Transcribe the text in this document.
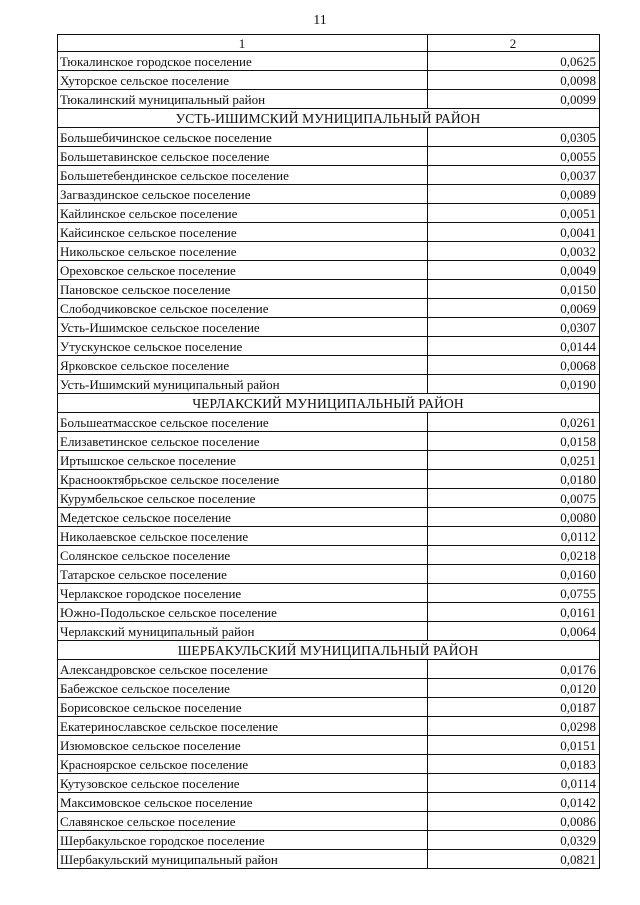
11
1	2
Тюкалинское городское поселение	0,0625
Хуторское сельское поселение	0,0098
Тюкалинский муниципальный район	0,0099
УСТЬ-ИШИМСКИЙ МУНИЦИПАЛЬНЫЙ РАЙОН	
Большебичинское сельское поселение	0,0305
Большетавинское сельское поселение	0,0055
Большетебендинское сельское поселение	0,0037
Загваздинское сельское поселение	0,0089
Кайлинское сельское поселение	0,0051
Кайсинское сельское поселение	0,0041
Никольское сельское поселение	0,0032
Ореховское сельское поселение	0,0049
Пановское сельское поселение	0,0150
Слободчиковское сельское поселение	0,0069
Усть-Ишимское сельское поселение	0,0307
Утускунское сельское поселение	0,0144
Ярковское сельское поселение	0,0068
Усть-Ишимский муниципальный район	0,0190
ЧЕРЛАКСКИЙ МУНИЦИПАЛЬНЫЙ РАЙОН	
Большеатмасское сельское поселение	0,0261
Елизаветинское сельское поселение	0,0158
Иртышское сельское поселение	0,0251
Краснооктябрьское сельское поселение	0,0180
Курумбельское сельское поселение	0,0075
Медетское сельское поселение	0,0080
Николаевское сельское поселение	0,0112
Солянское сельское поселение	0,0218
Татарское сельское поселение	0,0160
Черлакское городское поселение	0,0755
Южно-Подольское сельское поселение	0,0161
Черлакский муниципальный район	0,0064
ШЕРБАКУЛЬСКИЙ МУНИЦИПАЛЬНЫЙ РАЙОН	
Александровское сельское поселение	0,0176
Бабежское сельское поселение	0,0120
Борисовское сельское поселение	0,0187
Екатеринославское сельское поселение	0,0298
Изюмовское сельское поселение	0,0151
Красноярское сельское поселение	0,0183
Кутузовское сельское поселение	0,0114
Максимовское сельское поселение	0,0142
Славянское сельское поселение	0,0086
Шербакульское городское поселение	0,0329
Шербакульский муниципальный район	0,0821
